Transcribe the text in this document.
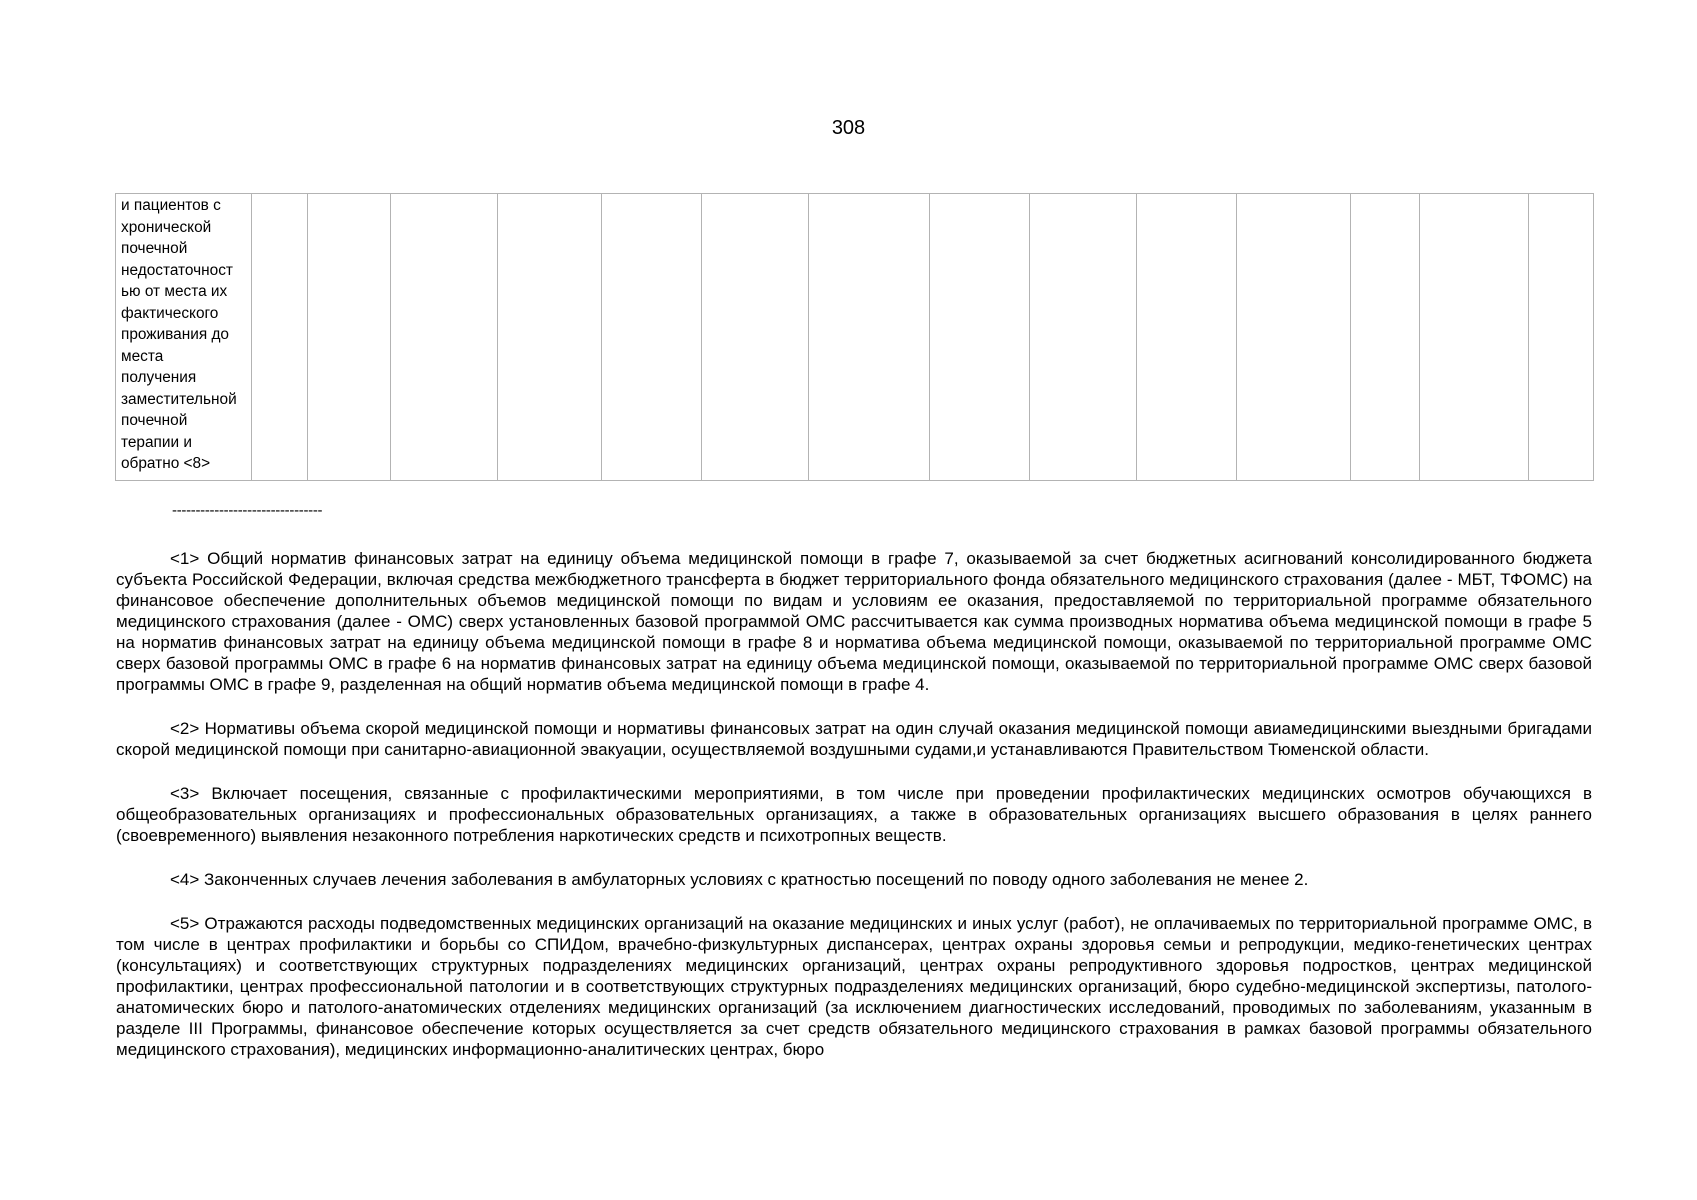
308
и пациентов с
хронической
почечной
недостаточност
ью от места их
фактического
проживания до
места
получения
заместительной
почечной
терапии и
обратно <8>

--------------------------------

<1> Общий норматив финансовых затрат на единицу объема медицинской помощи в графе 7, оказываемой за счет бюджетных асигнований консолидированного бюджета субъекта Российской Федерации, включая средства межбюджетного трансферта в бюджет территориального фонда обязательного медицинского страхования (далее - МБТ, ТФОМС) на финансовое обеспечение дополнительных объемов медицинской помощи по видам и условиям ее оказания, предоставляемой по территориальной программе обязательного медицинского страхования (далее - ОМС) сверх установленных базовой программой ОМС рассчитывается как сумма производных норматива объема медицинской помощи в графе 5 на норматив финансовых затрат на единицу объема медицинской помощи в графе 8 и норматива объема медицинской помощи, оказываемой по территориальной программе ОМС сверх базовой программы ОМС в графе 6 на норматив финансовых затрат на единицу объема медицинской помощи, оказываемой по территориальной программе ОМС сверх базовой программы ОМС в графе 9, разделенная на общий норматив объема медицинской помощи в графе 4.

<2> Нормативы объема скорой медицинской помощи и нормативы финансовых затрат на один случай оказания медицинской помощи авиамедицинскими выездными бригадами скорой медицинской помощи при санитарно-авиационной эвакуации, осуществляемой воздушными судами,и устанавливаются Правительством Тюменской области.

<3> Включает посещения, связанные с профилактическими мероприятиями, в том числе при проведении профилактических медицинских осмотров обучающихся в общеобразовательных организациях и профессиональных образовательных организациях, а также в образовательных организациях высшего образования в целях раннего (своевременного) выявления незаконного потребления наркотических средств и психотропных веществ.

<4> Законченных случаев лечения заболевания в амбулаторных условиях с кратностью посещений по поводу одного заболевания не менее 2.

<5> Отражаются расходы подведомственных медицинских организаций на оказание медицинских и иных услуг (работ), не оплачиваемых по территориальной программе ОМС, в том числе в центрах профилактики и борьбы со СПИДом, врачебно-физкультурных диспансерах, центрах охраны здоровья семьи и репродукции, медико-генетических центрах (консультациях) и соответствующих структурных подразделениях медицинских организаций, центрах охраны репродуктивного здоровья подростков, центрах медицинской профилактики, центрах профессиональной патологии и в соответствующих структурных подразделениях медицинских организаций, бюро судебно-медицинской экспертизы, патолого-анатомических бюро и патолого-анатомических отделениях медицинских организаций (за исключением диагностических исследований, проводимых по заболеваниям, указанным в разделе III Программы, финансовое обеспечение которых осуществляется за счет средств обязательного медицинского страхования в рамках базовой программы обязательного медицинского страхования), медицинских информационно-аналитических центрах, бюро
